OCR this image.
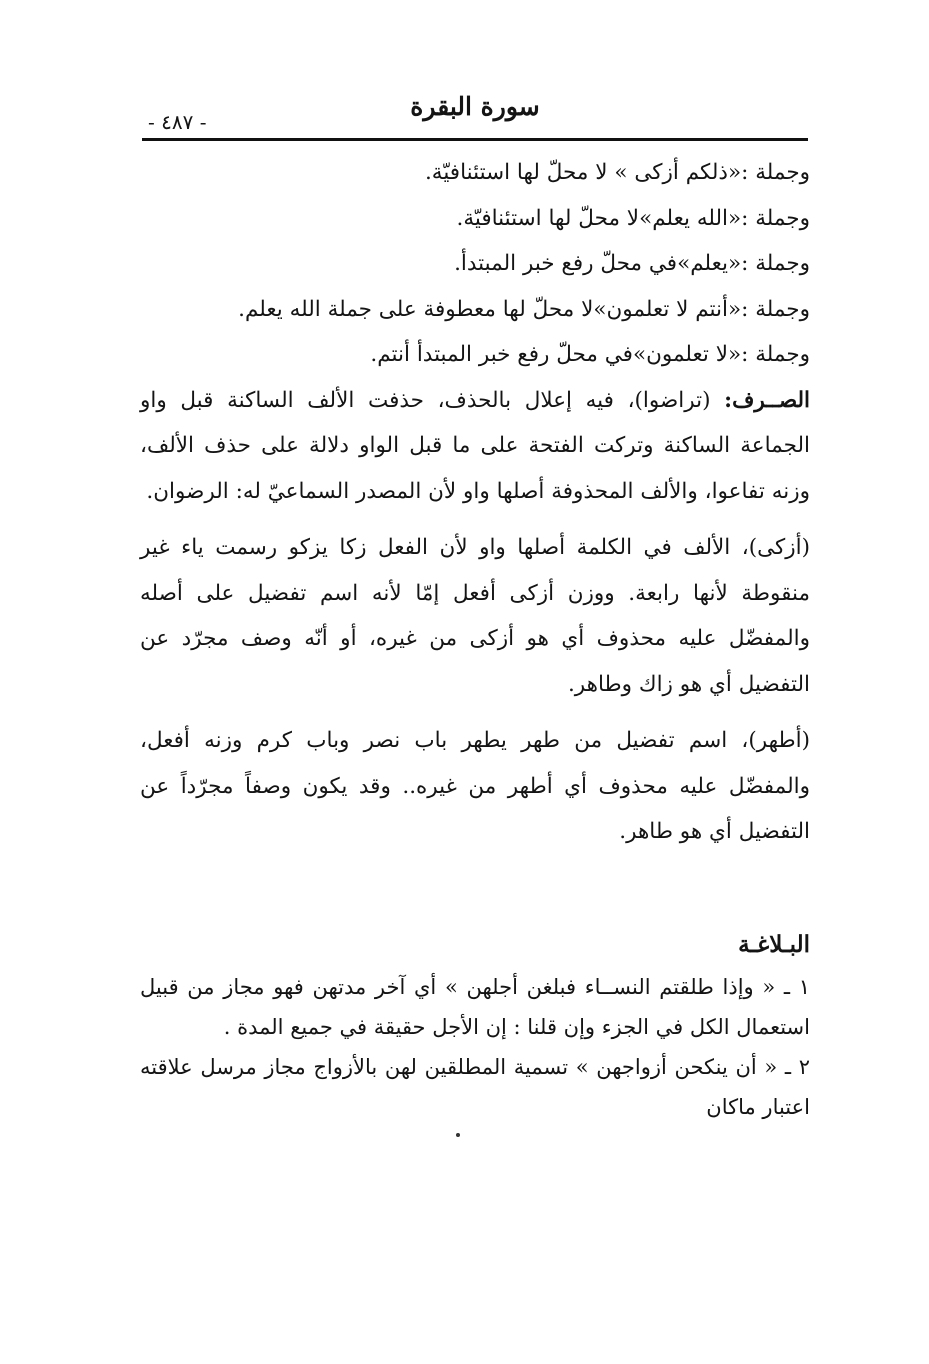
- ٤٨٧ -
سورة البقرة

وجملة :«ذلكم أزكى » لا محلّ لها استئنافيّة.

وجملة :«الله يعلم»لا محلّ لها استئنافيّة.

وجملة :«يعلم»في محلّ رفع خبر المبتدأ.

وجملة :«أنتم لا تعلمون»لا محلّ لها معطوفة على جملة الله يعلم.

وجملة :«لا تعلمون»في محلّ رفع خبر المبتدأ أنتم.

الصــرف: (تراضوا)، فيه إعلال بالحذف، حذفت الألف الساكنة قبل واو الجماعة الساكنة وتركت الفتحة على ما قبل الواو دلالة على حذف الألف، وزنه تفاعوا، والألف المحذوفة أصلها واو لأن المصدر السماعيّ له: الرضوان.

(أزكى)، الألف في الكلمة أصلها واو لأن الفعل زكا يزكو رسمت ياء غير منقوطة لأنها رابعة. ووزن أزكى أفعل إمّا لأنه اسم تفضيل على أصله والمفضّل عليه محذوف أي هو أزكى من غيره، أو أنّه وصف مجرّد عن التفضيل أي هو زاك وطاهر.

(أطهر)، اسم تفضيل من طهر يطهر باب نصر وباب كرم وزنه أفعل، والمفضّل عليه محذوف أي أطهر من غيره.. وقد يكون وصفاً مجرّداً عن التفضيل أي هو طاهر.

البـلاغـة

١ ـ « وإذا طلقتم النســاء فبلغن أجلهن » أي آخر مدتهن فهو مجاز من قبيل استعمال الكل في الجزء وإن قلنا : إن الأجل حقيقة في جميع المدة .

٢ ـ « أن ينكحن أزواجهن » تسمية المطلقين لهن بالأزواج مجاز مرسل علاقته اعتبار ماكان
